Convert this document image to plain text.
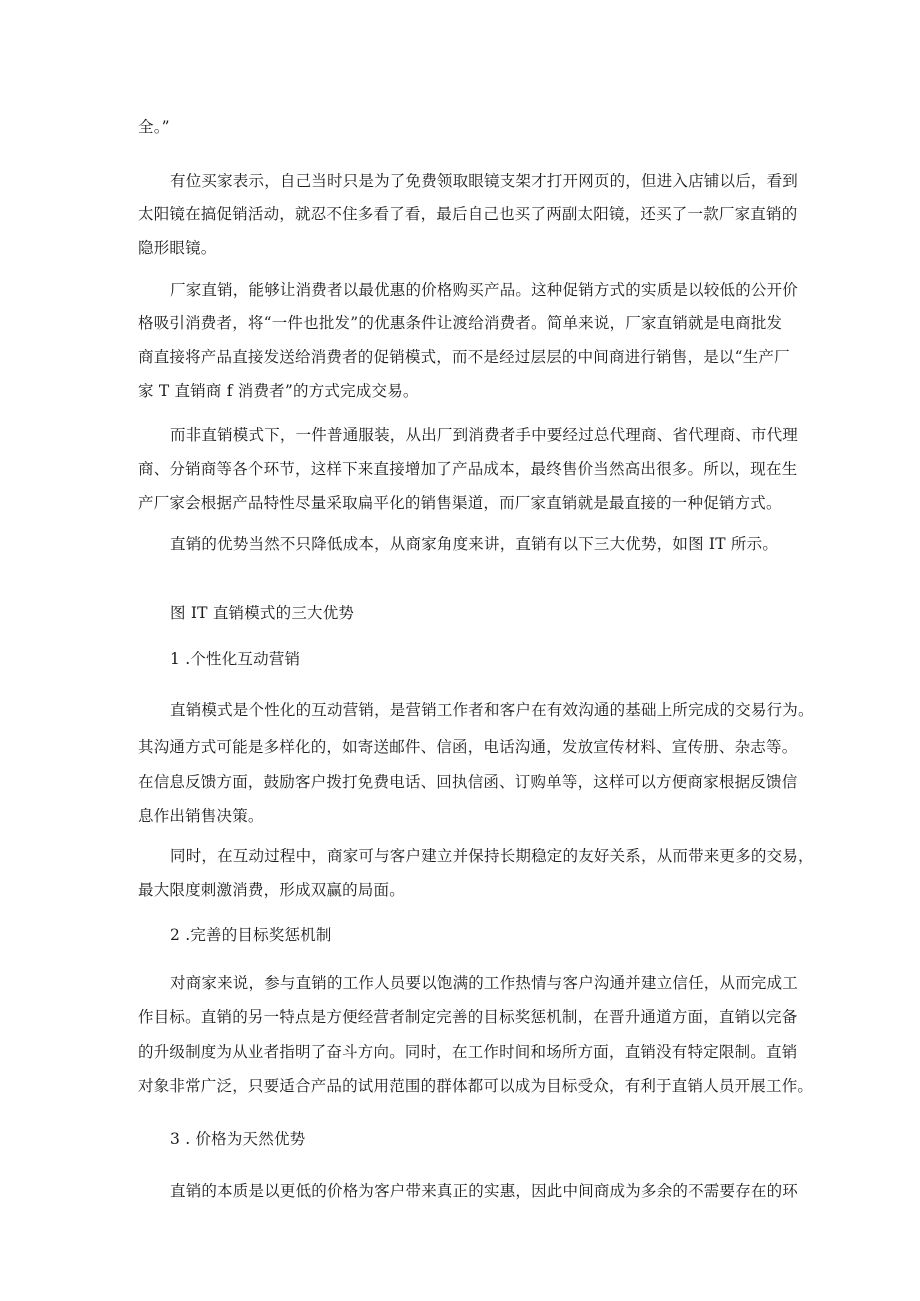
全。”
有位买家表示，自己当时只是为了免费领取眼镜支架才打开网页的，但进入店铺以后，看到
太阳镜在搞促销活动，就忍不住多看了看，最后自己也买了两副太阳镜，还买了一款厂家直销的
隐形眼镜。
厂家直销，能够让消费者以最优惠的价格购买产品。这种促销方式的实质是以较低的公开价
格吸引消费者，将“一件也批发”的优惠条件让渡给消费者。简单来说，厂家直销就是电商批发
商直接将产品直接发送给消费者的促销模式，而不是经过层层的中间商进行销售，是以“生产厂
家 T 直销商 f 消费者”的方式完成交易。
而非直销模式下，一件普通服装，从出厂到消费者手中要经过总代理商、省代理商、市代理
商、分销商等各个环节，这样下来直接增加了产品成本，最终售价当然高出很多。所以，现在生
产厂家会根据产品特性尽量采取扁平化的销售渠道，而厂家直销就是最直接的一种促销方式。
直销的优势当然不只降低成本，从商家角度来讲，直销有以下三大优势，如图 IT 所示。
图 IT 直销模式的三大优势
1 .个性化互动营销
直销模式是个性化的互动营销，是营销工作者和客户在有效沟通的基础上所完成的交易行为。
其沟通方式可能是多样化的，如寄送邮件、信函，电话沟通，发放宣传材料、宣传册、杂志等。
在信息反馈方面，鼓励客户拨打免费电话、回执信函、订购单等，这样可以方便商家根据反馈信
息作出销售决策。
同时，在互动过程中，商家可与客户建立并保持长期稳定的友好关系，从而带来更多的交易，
最大限度刺激消费，形成双赢的局面。
2 .完善的目标奖惩机制
对商家来说，参与直销的工作人员要以饱满的工作热情与客户沟通并建立信任，从而完成工
作目标。直销的另一特点是方便经营者制定完善的目标奖惩机制，在晋升通道方面，直销以完备
的升级制度为从业者指明了奋斗方向。同时，在工作时间和场所方面，直销没有特定限制。直销
对象非常广泛，只要适合产品的试用范围的群体都可以成为目标受众，有利于直销人员开展工作。
3 . 价格为天然优势
直销的本质是以更低的价格为客户带来真正的实惠，因此中间商成为多余的不需要存在的环
